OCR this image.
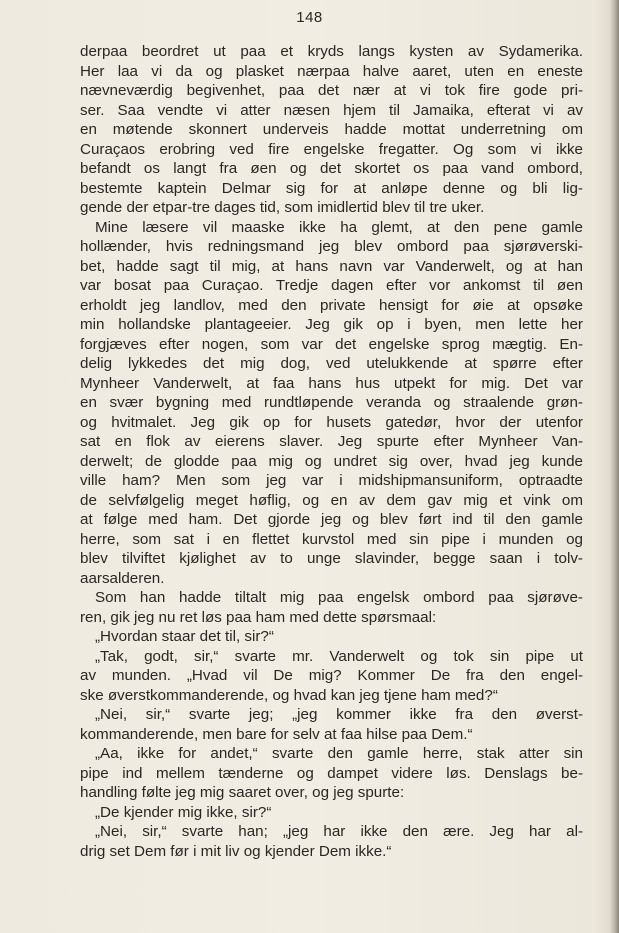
148
derpaa beordret ut paa et kryds langs kysten av Sydamerika.
Her laa vi da og plasket nærpaa halve aaret, uten en eneste
nævneværdig begivenhet, paa det nær at vi tok fire gode pri-
ser. Saa vendte vi atter næsen hjem til Jamaika, efterat vi av
en møtende skonnert underveis hadde mottat underretning om
Curaçaos erobring ved fire engelske fregatter. Og som vi ikke
befandt os langt fra øen og det skortet os paa vand ombord,
bestemte kaptein Delmar sig for at anløpe denne og bli lig-
gende der etpar-tre dages tid, som imidlertid blev til tre uker.
Mine læsere vil maaske ikke ha glemt, at den pene gamle
hollænder, hvis redningsmand jeg blev ombord paa sjørøverski-
bet, hadde sagt til mig, at hans navn var Vanderwelt, og at han
var bosat paa Curaçao. Tredje dagen efter vor ankomst til øen
erholdt jeg landlov, med den private hensigt for øie at opsøke
min hollandske plantageeier. Jeg gik op i byen, men lette her
forgjæves efter nogen, som var det engelske sprog mægtig. En-
delig lykkedes det mig dog, ved utelukkende at spørre efter
Mynheer Vanderwelt, at faa hans hus utpekt for mig. Det var
en svær bygning med rundtløpende veranda og straalende grøn-
og hvitmalet. Jeg gik op for husets gatedør, hvor der utenfor
sat en flok av eierens slaver. Jeg spurte efter Mynheer Van-
derwelt; de glodde paa mig og undret sig over, hvad jeg kunde
ville ham? Men som jeg var i midshipmansuniform, optraadte
de selvfølgelig meget høflig, og en av dem gav mig et vink om
at følge med ham. Det gjorde jeg og blev ført ind til den gamle
herre, som sat i en flettet kurvstol med sin pipe i munden og
blev tilviftet kjølighet av to unge slavinder, begge saan i tolv-
aarsalderen.
Som han hadde tiltalt mig paa engelsk ombord paa sjørøve-
ren, gik jeg nu ret løs paa ham med dette spørsmaal:
„Hvordan staar det til, sir?“
„Tak, godt, sir,“ svarte mr. Vanderwelt og tok sin pipe ut
av munden. „Hvad vil De mig? Kommer De fra den engel-
ske øverstkommanderende, og hvad kan jeg tjene ham med?“
„Nei, sir,“ svarte jeg; „jeg kommer ikke fra den øverst-
kommanderende, men bare for selv at faa hilse paa Dem.“
„Aa, ikke for andet,“ svarte den gamle herre, stak atter sin
pipe ind mellem tænderne og dampet videre løs. Denslags be-
handling følte jeg mig saaret over, og jeg spurte:
„De kjender mig ikke, sir?“
„Nei, sir,“ svarte han; „jeg har ikke den ære. Jeg har al-
drig set Dem før i mit liv og kjender Dem ikke.“
